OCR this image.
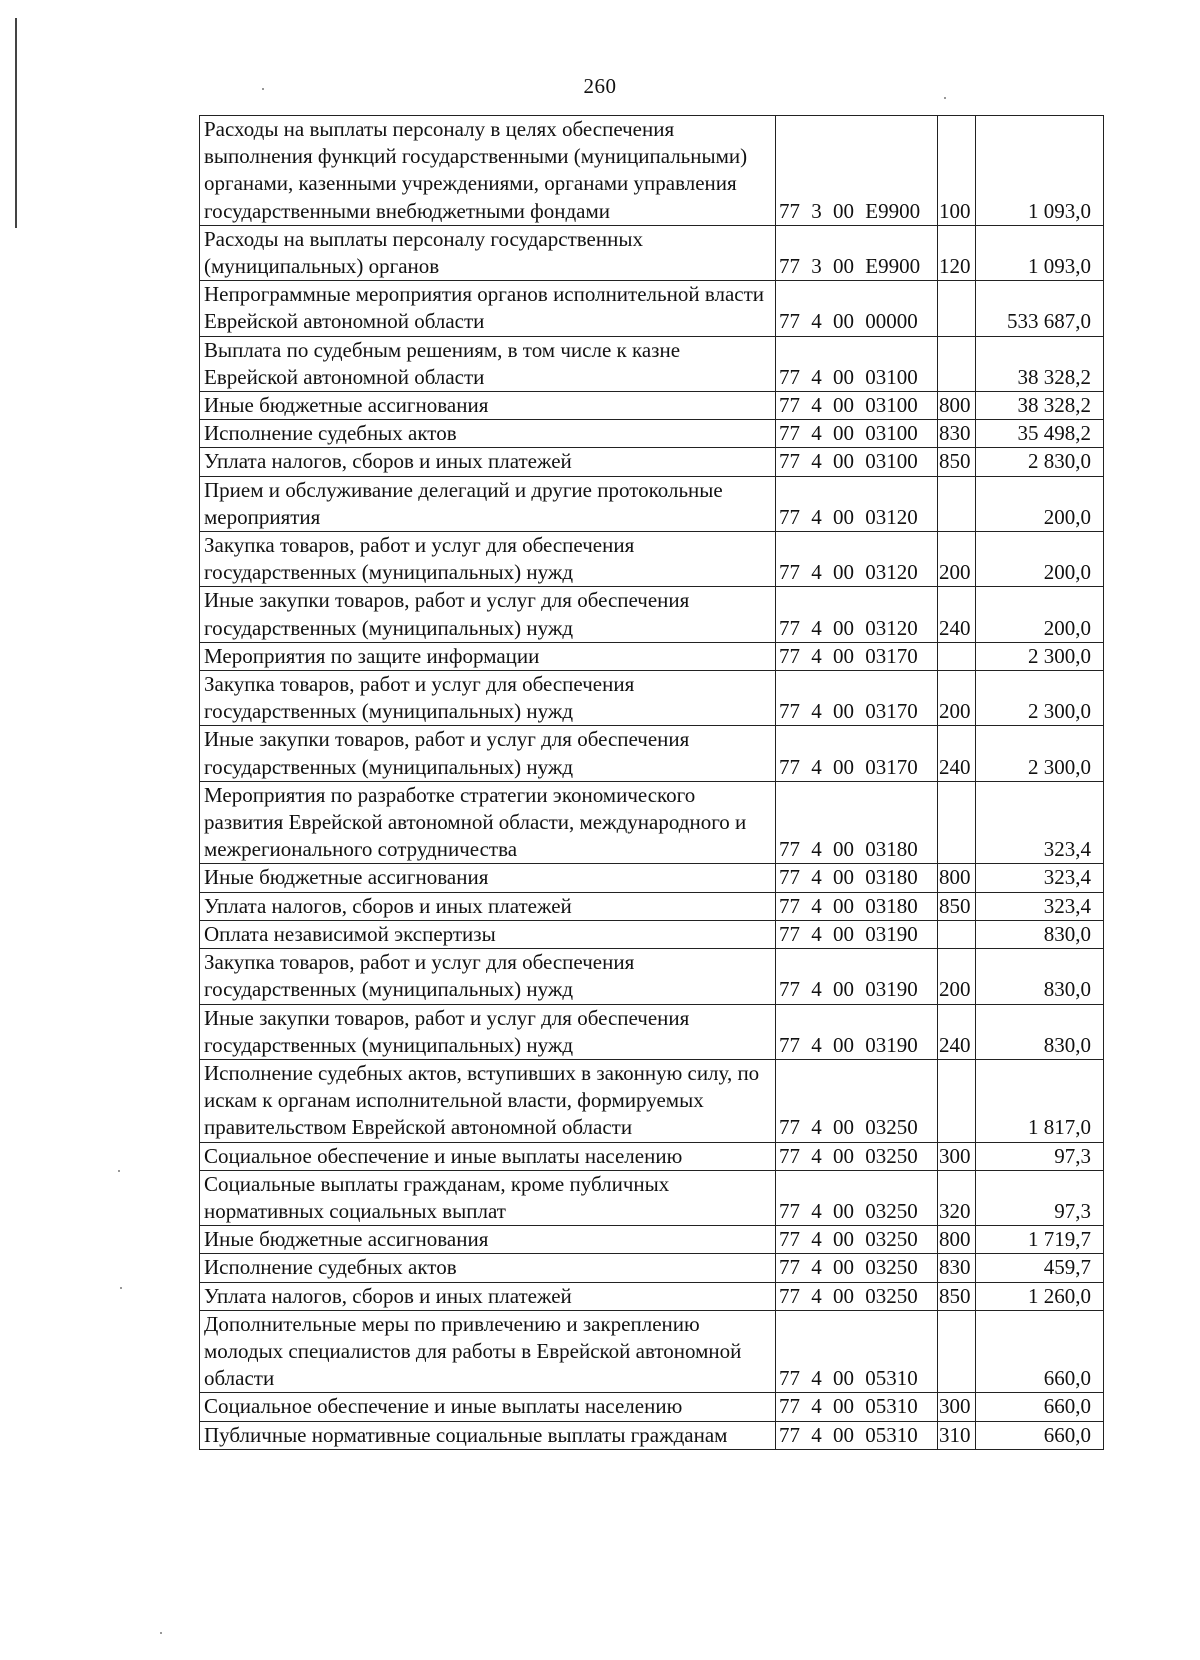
260
Расходы на выплаты персоналу в целях обеспечения выполнения функций государственными (муниципальными) органами, казенными учреждениями, органами управления государственными внебюджетными фондами	77 3 00 Е9900	100	1 093,0
Расходы на выплаты персоналу государственных (муниципальных) органов	77 3 00 Е9900	120	1 093,0
Непрограммные мероприятия органов исполнительной власти Еврейской автономной области	77 4 00 00000		533 687,0
Выплата по судебным решениям, в том числе к казне Еврейской автономной области	77 4 00 03100		38 328,2
Иные бюджетные ассигнования	77 4 00 03100	800	38 328,2
Исполнение судебных актов	77 4 00 03100	830	35 498,2
Уплата налогов, сборов и иных платежей	77 4 00 03100	850	2 830,0
Прием и обслуживание делегаций и другие протокольные мероприятия	77 4 00 03120		200,0
Закупка товаров, работ и услуг для обеспечения государственных (муниципальных) нужд	77 4 00 03120	200	200,0
Иные закупки товаров, работ и услуг для обеспечения государственных (муниципальных) нужд	77 4 00 03120	240	200,0
Мероприятия по защите информации	77 4 00 03170		2 300,0
Закупка товаров, работ и услуг для обеспечения государственных (муниципальных) нужд	77 4 00 03170	200	2 300,0
Иные закупки товаров, работ и услуг для обеспечения государственных (муниципальных) нужд	77 4 00 03170	240	2 300,0
Мероприятия по разработке стратегии экономического развития Еврейской автономной области, международного и межрегионального сотрудничества	77 4 00 03180		323,4
Иные бюджетные ассигнования	77 4 00 03180	800	323,4
Уплата налогов, сборов и иных платежей	77 4 00 03180	850	323,4
Оплата независимой экспертизы	77 4 00 03190		830,0
Закупка товаров, работ и услуг для обеспечения государственных (муниципальных) нужд	77 4 00 03190	200	830,0
Иные закупки товаров, работ и услуг для обеспечения государственных (муниципальных) нужд	77 4 00 03190	240	830,0
Исполнение судебных актов, вступивших в законную силу, по искам к органам исполнительной власти, формируемых правительством Еврейской автономной области	77 4 00 03250		1 817,0
Социальное обеспечение и иные выплаты населению	77 4 00 03250	300	97,3
Социальные выплаты гражданам, кроме публичных нормативных социальных выплат	77 4 00 03250	320	97,3
Иные бюджетные ассигнования	77 4 00 03250	800	1 719,7
Исполнение судебных актов	77 4 00 03250	830	459,7
Уплата налогов, сборов и иных платежей	77 4 00 03250	850	1 260,0
Дополнительные меры по привлечению и закреплению молодых специалистов для работы в Еврейской автономной области	77 4 00 05310		660,0
Социальное обеспечение и иные выплаты населению	77 4 00 05310	300	660,0
Публичные нормативные социальные выплаты гражданам	77 4 00 05310	310	660,0
